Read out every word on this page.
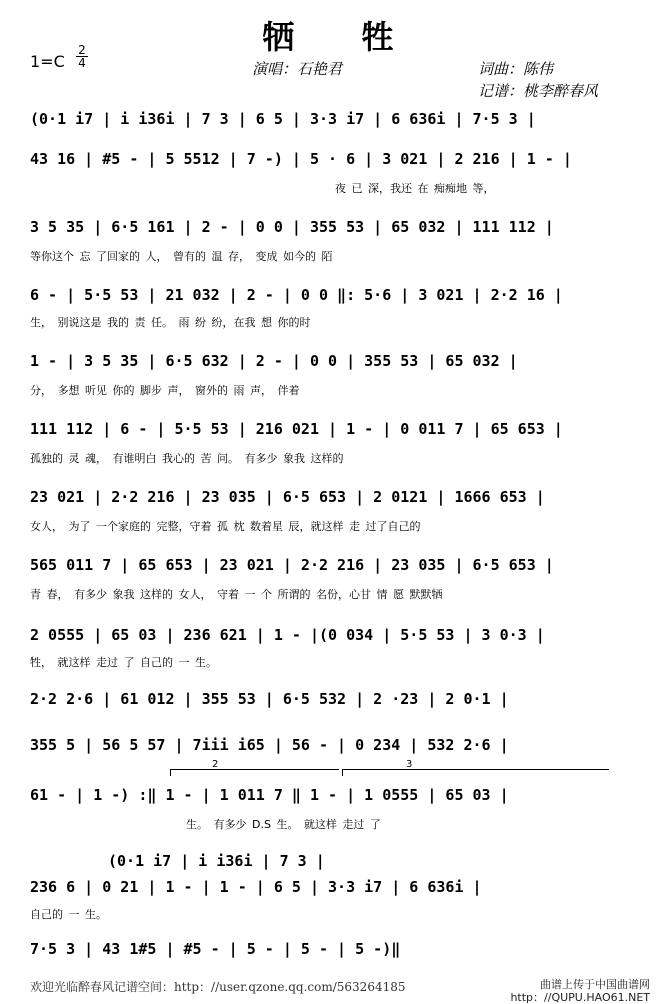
牺 牲
1=C
2
4	演唱：石艳君	词曲：陈伟
记谱：桃李醉春风
(0·1 i7 | i i36i | 7 3 | 6 5 | 3·3 i7 | 6 636i | 7·5 3 |
43 16 | #5 - | 5 5512 | 7 -) | 5 · 6 | 3 021 | 2 216 | 1 - |
夜 已 深，我还 在 痴痴地 等，
3 5 35 | 6·5 161 | 2 - | 0 0 | 355 53 | 65 032 | 111 112 |
等你这个 忘 了回家的 人， 曾有的 温 存， 变成 如今的 陌
6 - | 5·5 53 | 21 032 | 2 - | 0 0 ‖: 5·6 | 3 021 | 2·2 16 |
生， 别说这是 我的 责 任。 雨 纷 纷，在我 想 你的时
1 - | 3 5 35 | 6·5 632 | 2 - | 0 0 | 355 53 | 65 032 |
分， 多想 听见 你的 脚步 声， 窗外的 雨 声， 伴着
111 112 | 6 - | 5·5 53 | 216 021 | 1 - | 0 011 7 | 65 653 |
孤独的 灵 魂， 有谁明白 我心的 苦 问。 有多少 象我 这样的
23 021 | 2·2 216 | 23 035 | 6·5 653 | 2 0121 | 1666 653 |
女人， 为了 一个家庭的 完整，守着 孤 枕 数着星 辰，就这样 走 过了自己的
565 011 7 | 65 653 | 23 021 | 2·2 216 | 23 035 | 6·5 653 |
青 春， 有多少 象我 这样的 女人， 守着 一 个 所谓的 名份，心甘 情 愿 默默牺
2 0555 | 65 03 | 236 621 | 1 - |(0 034 | 5·5 53 | 3 0·3 |
牲， 就这样 走过 了 自己的 一 生。
2·2 2·6 | 61 012 | 355 53 | 6·5 532 | 2 ·23 | 2 0·1 |
355 5 | 56 5 57 | 7iii i65 | 56 - | 0 234 | 532 2·6 |
2	3
61 - | 1 -) :‖ 1 - | 1 011 7 ‖ 1 - | 1 0555 | 65 03 |
生。 有多少 D.S 生。 就这样 走过 了
(0·1 i7 | i i36i | 7 3 |
236 6 | 0 21 | 1 - | 1 - | 6 5 | 3·3 i7 | 6 636i |
自己的 一 生。
7·5 3 | 43 1#5 | #5 - | 5 - | 5 - | 5 -)‖
欢迎光临醉春风记谱空间：http：//user.qzone.qq.com/563264185	曲谱上传于中国曲谱网
http：//QUPU.HAO61.NET
